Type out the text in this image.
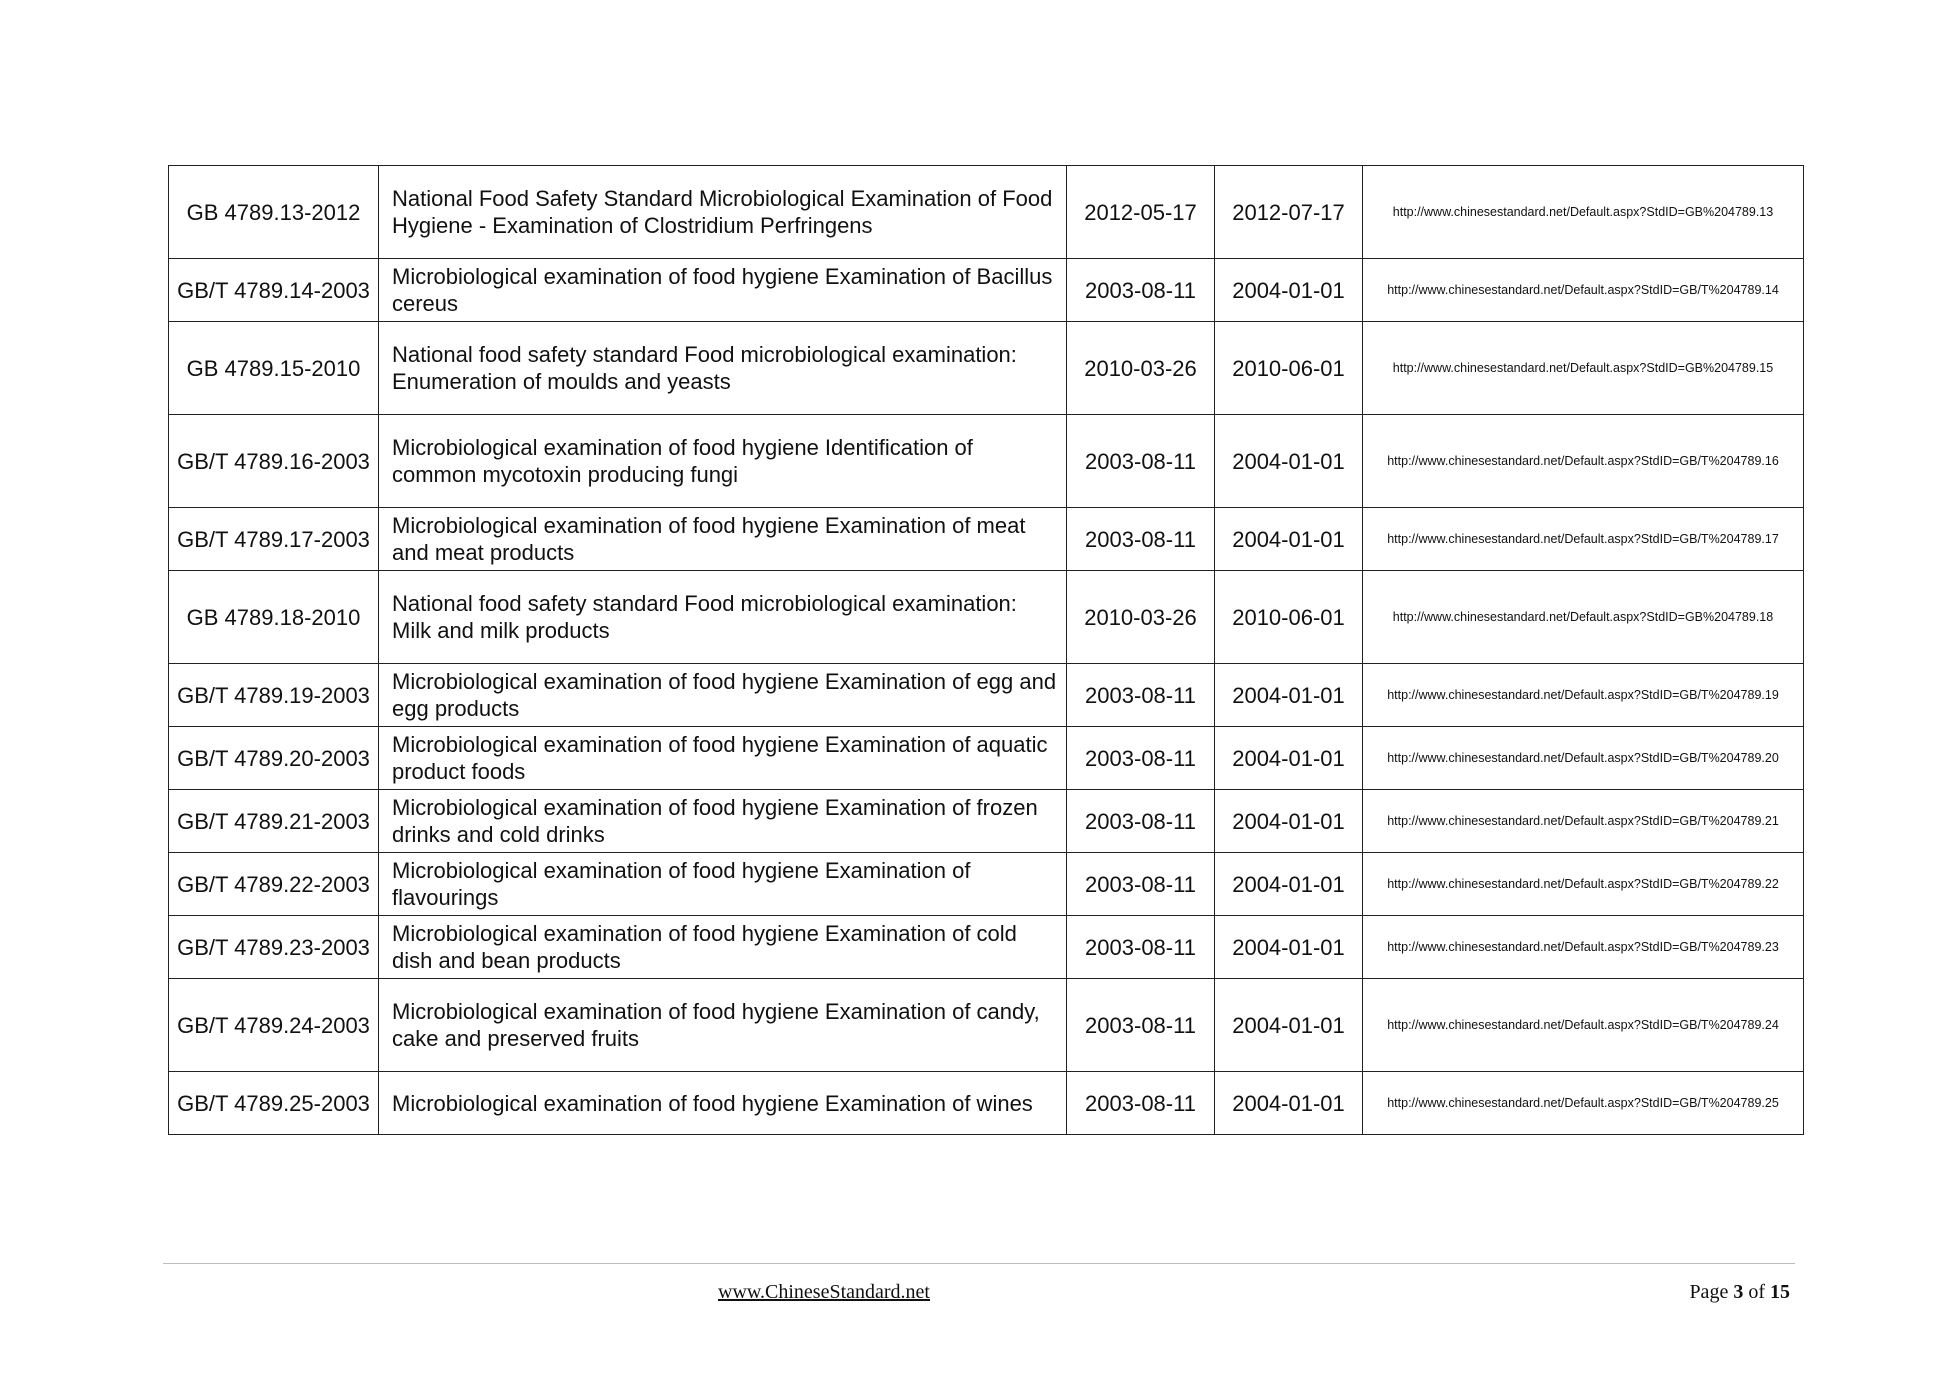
GB 4789.13-2012	National Food Safety Standard Microbiological Examination of Food Hygiene - Examination of Clostridium Perfringens	2012-05-17	2012-07-17	http://www.chinesestandard.net/Default.aspx?StdID=GB%204789.13
GB/T 4789.14-2003	Microbiological examination of food hygiene Examination of Bacillus cereus	2003-08-11	2004-01-01	http://www.chinesestandard.net/Default.aspx?StdID=GB/T%204789.14
GB 4789.15-2010	National food safety standard Food microbiological examination: Enumeration of moulds and yeasts	2010-03-26	2010-06-01	http://www.chinesestandard.net/Default.aspx?StdID=GB%204789.15
GB/T 4789.16-2003	Microbiological examination of food hygiene Identification of common mycotoxin producing fungi	2003-08-11	2004-01-01	http://www.chinesestandard.net/Default.aspx?StdID=GB/T%204789.16
GB/T 4789.17-2003	Microbiological examination of food hygiene Examination of meat and meat products	2003-08-11	2004-01-01	http://www.chinesestandard.net/Default.aspx?StdID=GB/T%204789.17
GB 4789.18-2010	National food safety standard Food microbiological examination: Milk and milk products	2010-03-26	2010-06-01	http://www.chinesestandard.net/Default.aspx?StdID=GB%204789.18
GB/T 4789.19-2003	Microbiological examination of food hygiene Examination of egg and egg products	2003-08-11	2004-01-01	http://www.chinesestandard.net/Default.aspx?StdID=GB/T%204789.19
GB/T 4789.20-2003	Microbiological examination of food hygiene Examination of aquatic product foods	2003-08-11	2004-01-01	http://www.chinesestandard.net/Default.aspx?StdID=GB/T%204789.20
GB/T 4789.21-2003	Microbiological examination of food hygiene Examination of frozen drinks and cold drinks	2003-08-11	2004-01-01	http://www.chinesestandard.net/Default.aspx?StdID=GB/T%204789.21
GB/T 4789.22-2003	Microbiological examination of food hygiene Examination of flavourings	2003-08-11	2004-01-01	http://www.chinesestandard.net/Default.aspx?StdID=GB/T%204789.22
GB/T 4789.23-2003	Microbiological examination of food hygiene Examination of cold dish and bean products	2003-08-11	2004-01-01	http://www.chinesestandard.net/Default.aspx?StdID=GB/T%204789.23
GB/T 4789.24-2003	Microbiological examination of food hygiene Examination of candy, cake and preserved fruits	2003-08-11	2004-01-01	http://www.chinesestandard.net/Default.aspx?StdID=GB/T%204789.24
GB/T 4789.25-2003	Microbiological examination of food hygiene Examination of wines	2003-08-11	2004-01-01	http://www.chinesestandard.net/Default.aspx?StdID=GB/T%204789.25
www.ChineseStandard.net	Page 3 of 15
